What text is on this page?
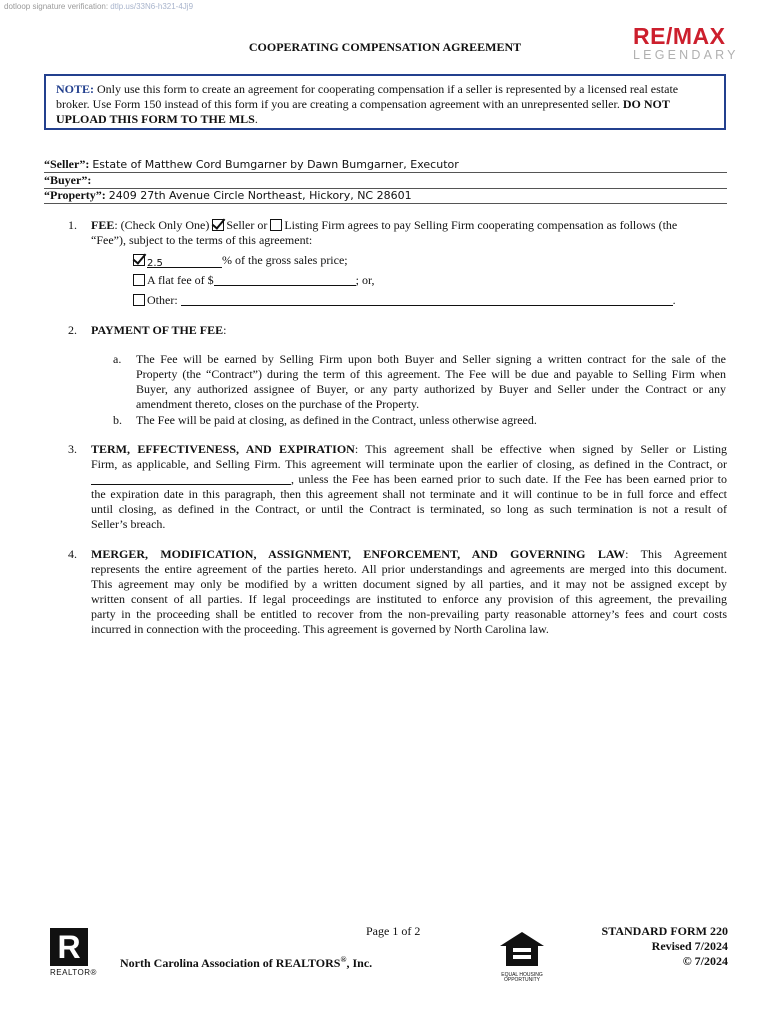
dotloop signature verification: dtlp.us/33N6-h321-4Jj9
RE/MAX
LEGENDARY
COOPERATING COMPENSATION AGREEMENT
NOTE: Only use this form to create an agreement for cooperating compensation if a seller is represented by a licensed real estate broker. Use Form 150 instead of this form if you are creating a compensation agreement with an unrepresented seller. DO NOT UPLOAD THIS FORM TO THE MLS.
“Seller”: Estate of Matthew Cord Bumgarner by Dawn Bumgarner, Executor
“Buyer”:
“Property”: 2409 27th Avenue Circle Northeast, Hickory, NC 28601
1. FEE: (Check Only One) Seller or Listing Firm agrees to pay Selling Firm cooperating compensation as follows (the
“Fee”), subject to the terms of this agreement:
2.5	% of the gross sales price;
A flat fee of $	; or,
Other:	.
2. PAYMENT OF THE FEE:
a. The Fee will be earned by Selling Firm upon both Buyer and Seller signing a written contract for the sale of the
Property (the “Contract”) during the term of this agreement. The Fee will be due and payable to Selling Firm when
Buyer, any authorized assignee of Buyer, or any party authorized by Buyer and Seller under the Contract or any
amendment thereto, closes on the purchase of the Property.
b. The Fee will be paid at closing, as defined in the Contract, unless otherwise agreed.
3. TERM, EFFECTIVENESS, AND EXPIRATION: This agreement shall be effective when signed by Seller or Listing
Firm, as applicable, and Selling Firm. This agreement will terminate upon the earlier of closing, as defined in the Contract, or
, unless the Fee has been earned prior to such date. If the Fee has been earned prior to
the expiration date in this paragraph, then this agreement shall not terminate and it will continue to be in full force and effect
until closing, as defined in the Contract, or until the Contract is terminated, so long as such termination is not a result of
Seller’s breach.
4. MERGER, MODIFICATION, ASSIGNMENT, ENFORCEMENT, AND GOVERNING LAW: This Agreement
represents the entire agreement of the parties hereto. All prior understandings and agreements are merged into this document.
This agreement may only be modified by a written document signed by all parties, and it may not be assigned except by
written consent of all parties. If legal proceedings are instituted to enforce any provision of this agreement, the prevailing
party in the proceeding shall be entitled to recover from the non-prevailing party reasonable attorney’s fees and court costs
incurred in connection with the proceeding. This agreement is governed by North Carolina law.
Page 1 of 2
R
REALTOR®
North Carolina Association of REALTORS®, Inc.
EQUAL HOUSING OPPORTUNITY
STANDARD FORM 220
Revised 7/2024
© 7/2024
